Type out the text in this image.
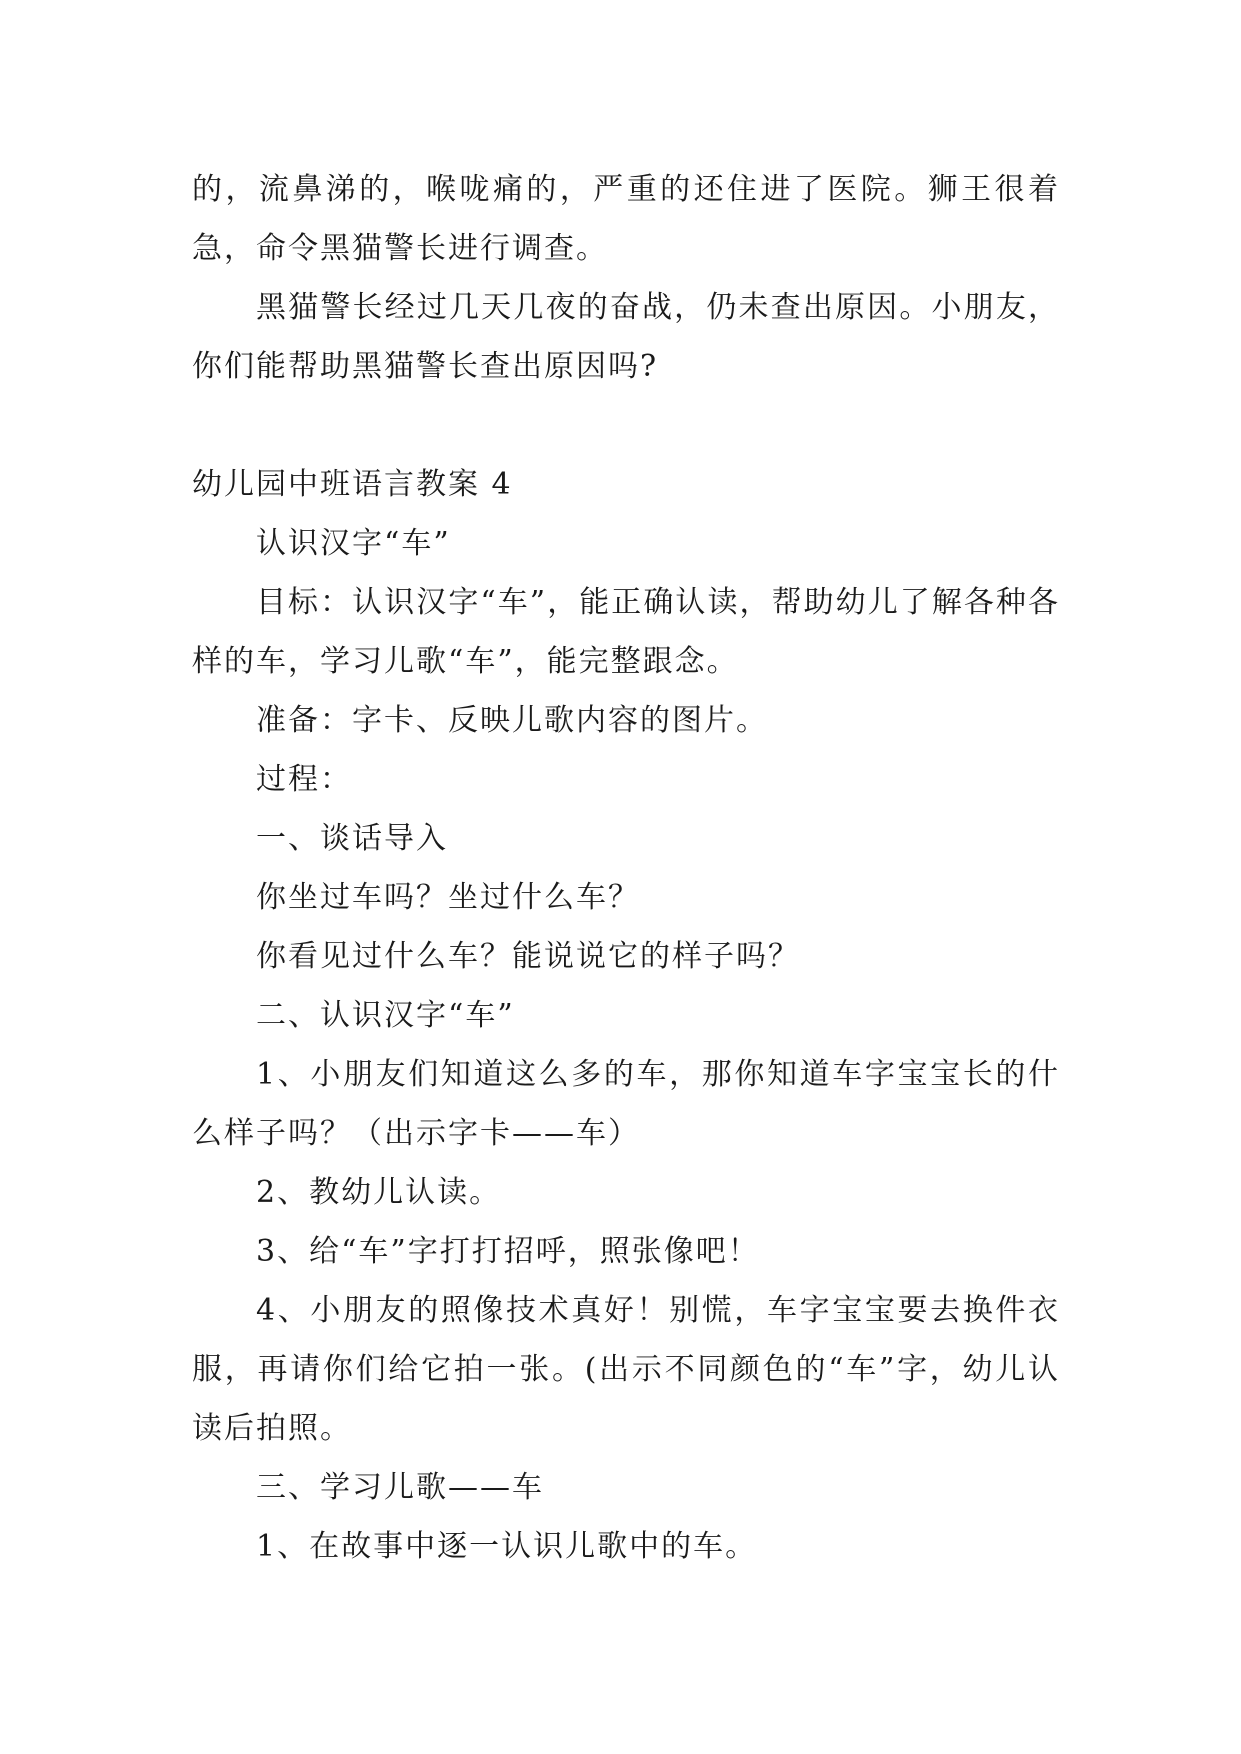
的，流鼻涕的，喉咙痛的，严重的还住进了医院。狮王很着急，命令黑猫警长进行调查。

黑猫警长经过几天几夜的奋战，仍未查出原因。小朋友，你们能帮助黑猫警长查出原因吗?

幼儿园中班语言教案 4

认识汉字“车”

目标：认识汉字“车”，能正确认读，帮助幼儿了解各种各样的车，学习儿歌“车”，能完整跟念。

准备：字卡、反映儿歌内容的图片。

过程：

一、谈话导入

你坐过车吗？坐过什么车？

你看见过什么车？能说说它的样子吗？

二、认识汉字“车”

1、小朋友们知道这么多的车，那你知道车字宝宝长的什么样子吗？（出示字卡——车）

2、教幼儿认读。

3、给“车”字打打招呼，照张像吧！

4、小朋友的照像技术真好！别慌，车字宝宝要去换件衣服，再请你们给它拍一张。(出示不同颜色的“车”字，幼儿认读后拍照。

三、学习儿歌——车

1、在故事中逐一认识儿歌中的车。
